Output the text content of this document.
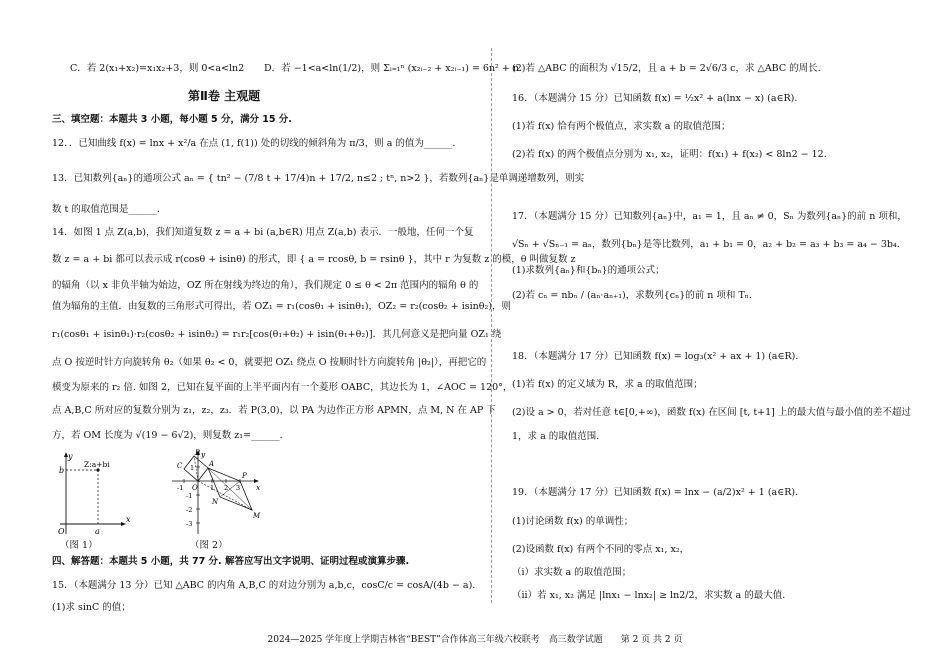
C．若 2(x₁+x₂)=x₁x₂+3，则 0<a<ln2 D．若 −1<a<ln(1/2)，则 Σᵢ₌₁ⁿ (x₂ᵢ₋₂ + x₂ᵢ₋₁) = 6n² + n
第Ⅱ卷 主观题
三、填空题：本题共 3 小题，每小题 5 分，满分 15 分.
12．．已知曲线 f(x) = lnx + x²/a 在点 (1, f(1)) 处的切线的倾斜角为 π/3，则 a 的值为______.
13．已知数列{aₙ}的通项公式 aₙ = { tn² − (7/8 t + 17/4)n + 17/2, n≤2 ; tⁿ, n>2 }，若数列{aₙ}是单调递增数列，则实
数 t 的取值范围是______.
14．如图 1 点 Z(a,b)，我们知道复数 z = a + bi (a,b∈R) 用点 Z(a,b) 表示．一般地，任何一个复
数 z = a + bi 都可以表示成 r(cosθ + isinθ) 的形式，即 { a = rcosθ, b = rsinθ }，其中 r 为复数 z 的模，θ 叫做复数 z
的辐角（以 x 非负半轴为始边，OZ 所在射线为终边的角），我们规定 0 ≤ θ < 2π 范围内的辐角 θ 的
值为辐角的主值．由复数的三角形式可得出，若 OZ₁ = r₁(cosθ₁ + isinθ₁)，OZ₂ = r₂(cosθ₂ + isinθ₂)，则
r₁(cosθ₁ + isinθ₁)·r₂(cosθ₂ + isinθ₂) = r₁r₂[cos(θ₁+θ₂) + isin(θ₁+θ₂)]．其几何意义是把向量 OZ₁ 绕
点 O 按逆时针方向旋转角 θ₂（如果 θ₂ < 0，就要把 OZ₁ 绕点 O 按顺时针方向旋转角 |θ₂|），再把它的
模变为原来的 r₂ 倍. 如图 2，已知在复平面的上半平面内有一个菱形 OABC，其边长为 1，∠AOC = 120°，
点 A,B,C 所对应的复数分别为 z₁，z₂，z₃．若 P(3,0)，以 PA 为边作正方形 APMN，点 M, N 在 AP 下
方，若 OM 长度为 √(19 − 6√2)，则复数 z₁=______.
y
x
O
b
a
Z:a+bi
（图 1）
y
x
O
A
B
C
N
M
P
-1	1 2 3
1
-1
-2
-3
（图 2）
四、解答题：本题共 5 小题，共 77 分. 解答应写出文字说明、证明过程或演算步骤.
15．（本题满分 13 分）已知 △ABC 的内角 A,B,C 的对边分别为 a,b,c，cosC/c = cosA/(4b − a).
(1)求 sinC 的值；
(2)若 △ABC 的面积为 √15/2，且 a + b = 2√6/3 c，求 △ABC 的周长.
16．（本题满分 15 分）已知函数 f(x) = ½x² + a(lnx − x) (a∈R).
(1)若 f(x) 恰有两个极值点，求实数 a 的取值范围；
(2)若 f(x) 的两个极值点分别为 x₁, x₂，证明：f(x₁) + f(x₂) < 8ln2 − 12.
17．（本题满分 15 分）已知数列{aₙ}中，a₁ = 1，且 aₙ ≠ 0，Sₙ 为数列{aₙ}的前 n 项和，
√Sₙ + √Sₙ₋₁ = aₙ，数列{bₙ}是等比数列，a₁ + b₁ = 0，a₂ + b₂ = a₃ + b₃ = a₄ − 3b₄.
(1)求数列{aₙ}和{bₙ}的通项公式；
(2)若 cₙ = nbₙ / (aₙ·aₙ₊₁)，求数列{cₙ}的前 n 项和 Tₙ.
18．（本题满分 17 分）已知函数 f(x) = log₃(x² + ax + 1) (a∈R).
(1)若 f(x) 的定义域为 R，求 a 的取值范围；
(2)设 a > 0，若对任意 t∈[0,+∞)，函数 f(x) 在区间 [t, t+1] 上的最大值与最小值的差不超过
1，求 a 的取值范围.
19．（本题满分 17 分）已知函数 f(x) = lnx − (a/2)x² + 1 (a∈R).
(1)讨论函数 f(x) 的单调性；
(2)设函数 f(x) 有两个不同的零点 x₁, x₂，
（i）求实数 a 的取值范围；
（ii）若 x₁, x₂ 满足 |lnx₁ − lnx₂| ≥ ln2/2，求实数 a 的最大值.
2024—2025 学年度上学期吉林省“BEST”合作体高三年级六校联考　高三数学试题　　第 2 页 共 2 页
